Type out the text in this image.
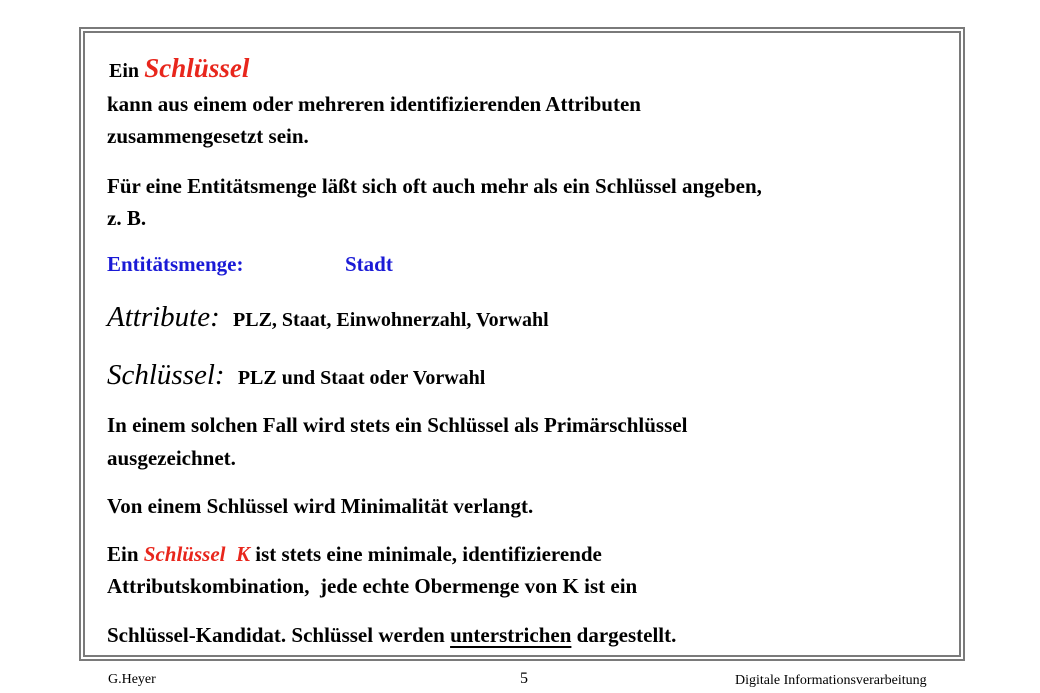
Ein Schlüssel
kann aus einem oder mehreren identifizierenden Attributen
zusammengesetzt sein.
Für eine Entitätsmenge läßt sich oft auch mehr als ein Schlüssel angeben,
z. B.
Entitätsmenge:	Stadt
Attribute: PLZ, Staat, Einwohnerzahl, Vorwahl
Schlüssel: PLZ und Staat oder Vorwahl
In einem solchen Fall wird stets ein Schlüssel als Primärschlüssel
ausgezeichnet.
Von einem Schlüssel wird Minimalität verlangt.
Ein Schlüssel  K ist stets eine minimale, identifizierende
Attributskombination,  jede echte Obermenge von K ist ein
Schlüssel-Kandidat. Schlüssel werden unterstrichen dargestellt.
G.Heyer	5	Digitale Informationsverarbeitung
